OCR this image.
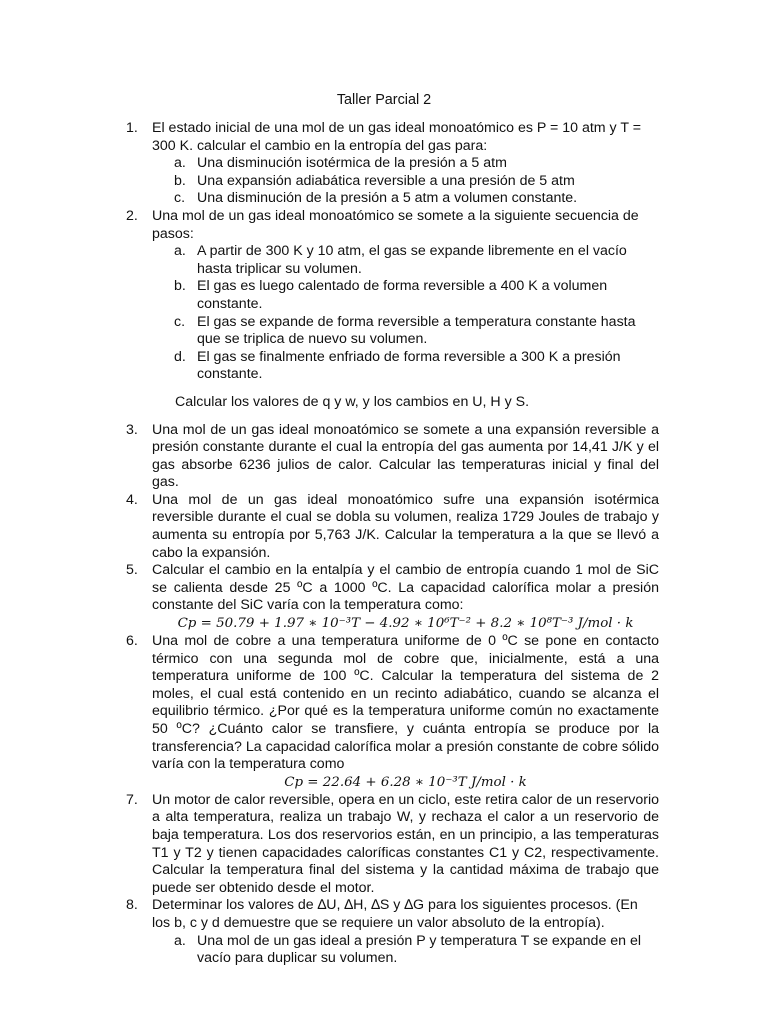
Taller Parcial 2
1. El estado inicial de una mol de un gas ideal monoatómico es P = 10 atm y T = 300 K. calcular el cambio en la entropía del gas para:
a. Una disminución isotérmica de la presión a 5 atm
b. Una expansión adiabática reversible a una presión de 5 atm
c. Una disminución de la presión a 5 atm a volumen constante.
2. Una mol de un gas ideal monoatómico se somete a la siguiente secuencia de pasos:
a. A partir de 300 K y 10 atm, el gas se expande libremente en el vacío hasta triplicar su volumen.
b. El gas es luego calentado de forma reversible a 400 K a volumen constante.
c. El gas se expande de forma reversible a temperatura constante hasta que se triplica de nuevo su volumen.
d. El gas se finalmente enfriado de forma reversible a 300 K a presión constante.
Calcular los valores de q y w, y los cambios en U, H y S.
3. Una mol de un gas ideal monoatómico se somete a una expansión reversible a presión constante durante el cual la entropía del gas aumenta por 14,41 J/K y el gas absorbe 6236 julios de calor. Calcular las temperaturas inicial y final del gas.
4. Una mol de un gas ideal monoatómico sufre una expansión isotérmica reversible durante el cual se dobla su volumen, realiza 1729 Joules de trabajo y aumenta su entropía por 5,763 J/K. Calcular la temperatura a la que se llevó a cabo la expansión.
5. Calcular el cambio en la entalpía y el cambio de entropía cuando 1 mol de SiC se calienta desde 25 ºC a 1000 ºC. La capacidad calorífica molar a presión constante del SiC varía con la temperatura como:
Cp = 50.79 + 1.97 ∗ 10⁻³T − 4.92 ∗ 10⁶T⁻² + 8.2 ∗ 10⁸T⁻³ J/mol · k
6. Una mol de cobre a una temperatura uniforme de 0 ºC se pone en contacto térmico con una segunda mol de cobre que, inicialmente, está a una temperatura uniforme de 100 ºC. Calcular la temperatura del sistema de 2 moles, el cual está contenido en un recinto adiabático, cuando se alcanza el equilibrio térmico. ¿Por qué es la temperatura uniforme común no exactamente 50 ºC? ¿Cuánto calor se transfiere, y cuánta entropía se produce por la transferencia? La capacidad calorífica molar a presión constante de cobre sólido varía con la temperatura como
Cp = 22.64 + 6.28 ∗ 10⁻³T J/mol · k
7. Un motor de calor reversible, opera en un ciclo, este retira calor de un reservorio a alta temperatura, realiza un trabajo W, y rechaza el calor a un reservorio de baja temperatura. Los dos reservorios están, en un principio, a las temperaturas T1 y T2 y tienen capacidades caloríficas constantes C1 y C2, respectivamente. Calcular la temperatura final del sistema y la cantidad máxima de trabajo que puede ser obtenido desde el motor.
8. Determinar los valores de ∆U, ∆H, ∆S y ∆G para los siguientes procesos. (En los b, c y d demuestre que se requiere un valor absoluto de la entropía).
a. Una mol de un gas ideal a presión P y temperatura T se expande en el vacío para duplicar su volumen.
